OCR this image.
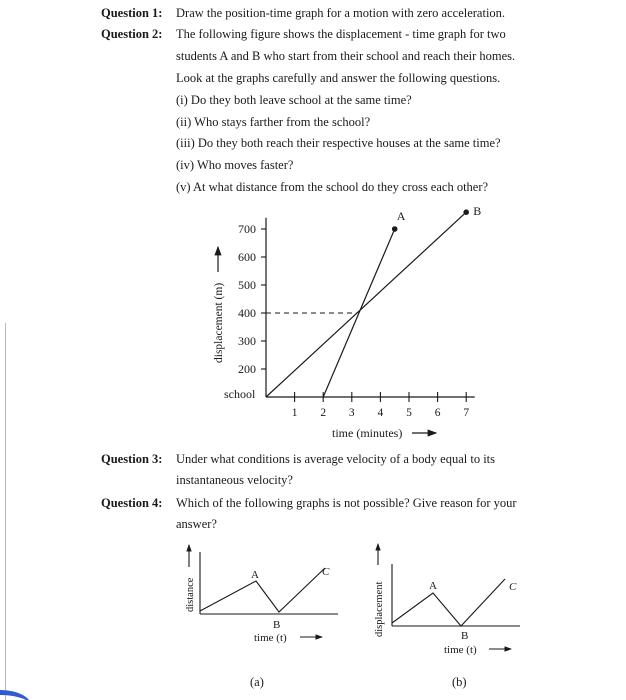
Question 1: Draw the position-time graph for a motion with zero acceleration.
Question 2: The following figure shows the displacement - time graph for two
students A and B who start from their school and reach their homes.
Look at the graphs carefully and answer the following questions.
(i) Do they both leave school at the same time?
(ii) Who stays farther from the school?
(iii) Do they both reach their respective houses at the same time?
(iv) Who moves faster?
(v) At what distance from the school do they cross each other?
200
300
400
500
600
700
1 2 3 4 5 6 7
A	B
school
displacement (m)
time (minutes)
Question 3: Under what conditions is average velocity of a body equal to its
instantaneous velocity?
Question 4: Which of the following graphs is not possible? Give reason for your
answer?
distance
A
B
C
time (t)
(a)
displacement	A
B
C
time (t)
(b)
